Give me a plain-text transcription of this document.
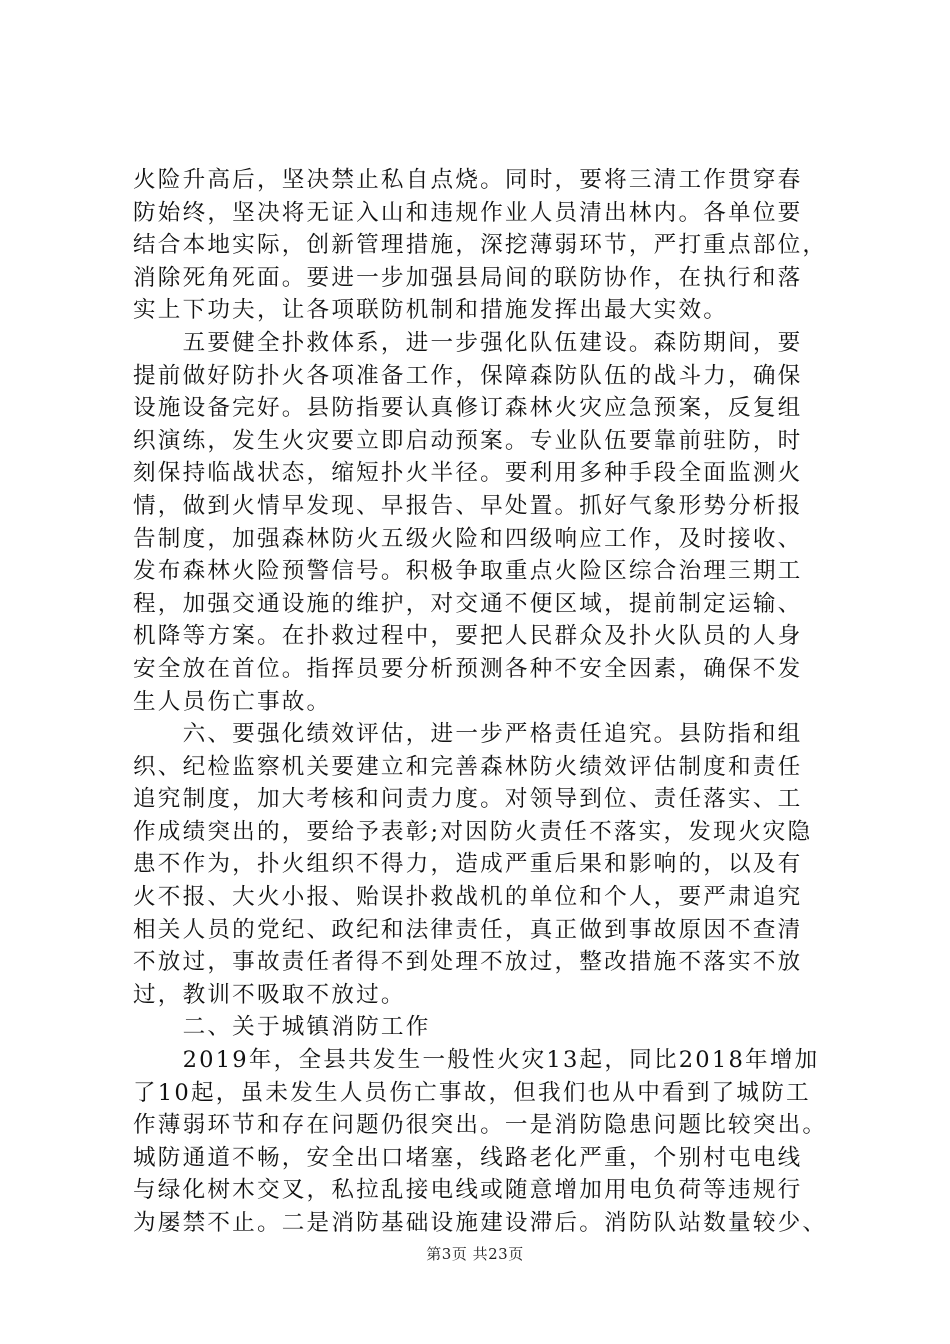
火险升高后，坚决禁止私自点烧。同时，要将三清工作贯穿春
防始终，坚决将无证入山和违规作业人员清出林内。各单位要
结合本地实际，创新管理措施，深挖薄弱环节，严打重点部位，
消除死角死面。要进一步加强县局间的联防协作，在执行和落
实上下功夫，让各项联防机制和措施发挥出最大实效。
　　五要健全扑救体系，进一步强化队伍建设。森防期间，要
提前做好防扑火各项准备工作，保障森防队伍的战斗力，确保
设施设备完好。县防指要认真修订森林火灾应急预案，反复组
织演练，发生火灾要立即启动预案。专业队伍要靠前驻防，时
刻保持临战状态，缩短扑火半径。要利用多种手段全面监测火
情，做到火情早发现、早报告、早处置。抓好气象形势分析报
告制度，加强森林防火五级火险和四级响应工作，及时接收、
发布森林火险预警信号。积极争取重点火险区综合治理三期工
程，加强交通设施的维护，对交通不便区域，提前制定运输、
机降等方案。在扑救过程中，要把人民群众及扑火队员的人身
安全放在首位。指挥员要分析预测各种不安全因素，确保不发
生人员伤亡事故。
　　六、要强化绩效评估，进一步严格责任追究。县防指和组
织、纪检监察机关要建立和完善森林防火绩效评估制度和责任
追究制度，加大考核和问责力度。对领导到位、责任落实、工
作成绩突出的，要给予表彰;对因防火责任不落实，发现火灾隐
患不作为，扑火组织不得力，造成严重后果和影响的，以及有
火不报、大火小报、贻误扑救战机的单位和个人，要严肃追究
相关人员的党纪、政纪和法律责任，真正做到事故原因不查清
不放过，事故责任者得不到处理不放过，整改措施不落实不放
过，教训不吸取不放过。
　　二、关于城镇消防工作
　　2019年，全县共发生一般性火灾13起，同比2018年增加
了10起，虽未发生人员伤亡事故，但我们也从中看到了城防工
作薄弱环节和存在问题仍很突出。一是消防隐患问题比较突出。
城防通道不畅，安全出口堵塞，线路老化严重，个别村屯电线
与绿化树木交叉，私拉乱接电线或随意增加用电负荷等违规行
为屡禁不止。二是消防基础设施建设滞后。消防队站数量较少、
第3页 共23页
